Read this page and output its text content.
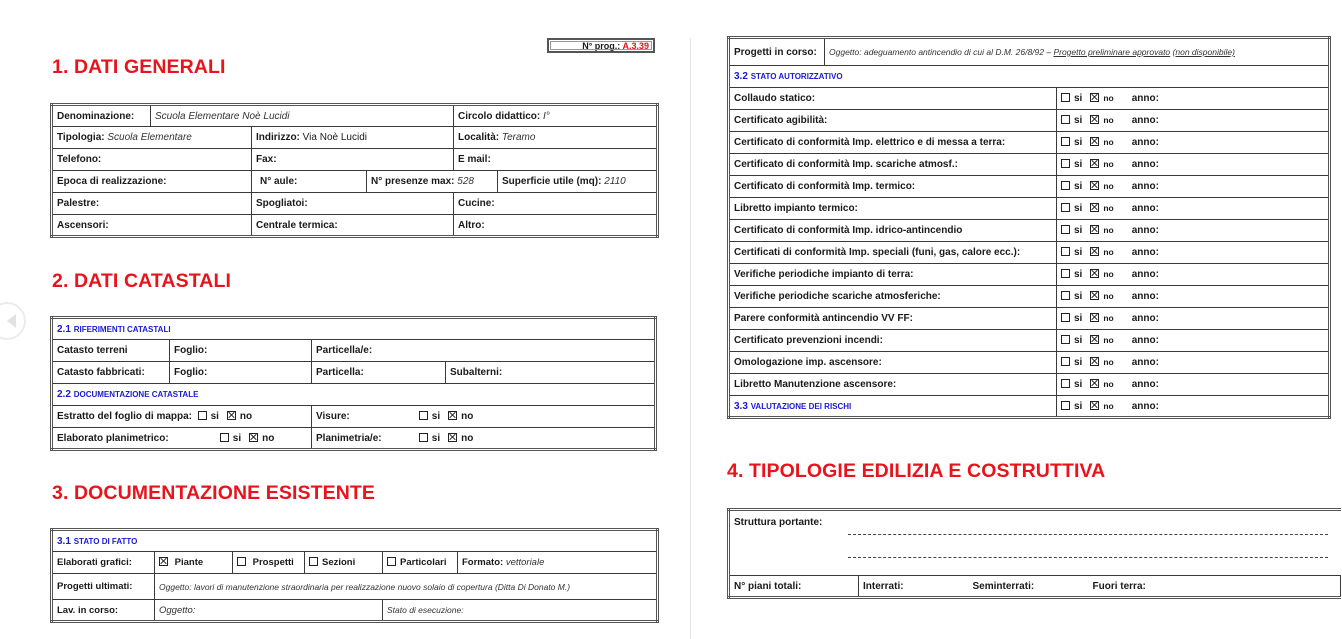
N° prog.: A.3.39
1. DATI GENERALI
Denominazione:	Scuola Elementare Noè Lucidi			Circolo didattico: I°	
Tipologia: Scuola Elementare		Indirizzo: Via Noè Lucidi		Località: Teramo	
Telefono:		Fax:		E mail:	
Epoca di realizzazione:		N° aule:	N° presenze max: 528		Superficie utile (mq): 2110
Palestre:		Spogliatoi:		Cucine:	
Ascensori:		Centrale termica:		Altro:	
2. DATI CATASTALI
2.1 RIFERIMENTI CATASTALI			
Catasto terreni	Foglio:	Particella/e:	
Catasto fabbricati:	Foglio:	Particella:	Subalterni:
2.2 DOCUMENTAZIONE CATASTALE			
Estratto del foglio di mappa: si no		Visure: si no	
Elaborato planimetrico: si no		Planimetria/e: si no	
3. DOCUMENTAZIONE ESISTENTE
3.1 STATO DI FATTO					
Elaborati grafici:	Piante	Prospetti	Sezioni	Particolari	Formato: vettoriale
Progetti ultimati:	Oggetto: lavori di manutenzione straordinaria per realizzazione nuovo solaio di copertura (Ditta Di Donato M.)				
Lav. in corso:	Oggetto:			Stato di esecuzione:	
Progetti in corso:	Oggetto: adeguamento antincendio di cui al D.M. 26/8/92 – Progetto preliminare approvato (non disponibile)	
3.2 STATO AUTORIZZATIVO		
Collaudo statico:		si no anno:
Certificato agibilità:		si no anno:
Certificato di conformità Imp. elettrico e di messa a terra:		si no anno:
Certificato di conformità Imp. scariche atmosf.:		si no anno:
Certificato di conformità Imp. termico:		si no anno:
Libretto impianto termico:		si no anno:
Certificato di conformità Imp. idrico-antincendio		si no anno:
Certificati di conformità Imp. speciali (funi, gas, calore ecc.):		si no anno:
Verifiche periodiche impianto di terra:		si no anno:
Verifiche periodiche scariche atmosferiche:		si no anno:
Parere conformità antincendio VV FF:		si no anno:
Certificato prevenzioni incendi:		si no anno:
Omologazione imp. ascensore:		si no anno:
Libretto Manutenzione ascensore:		si no anno:
3.3 VALUTAZIONE DEI RISCHI		si no anno:
4. TIPOLOGIE EDILIZIA E COSTRUTTIVA
Struttura portante:
N° piani totali:	Interrati:	Seminterrati:	Fuori terra:
